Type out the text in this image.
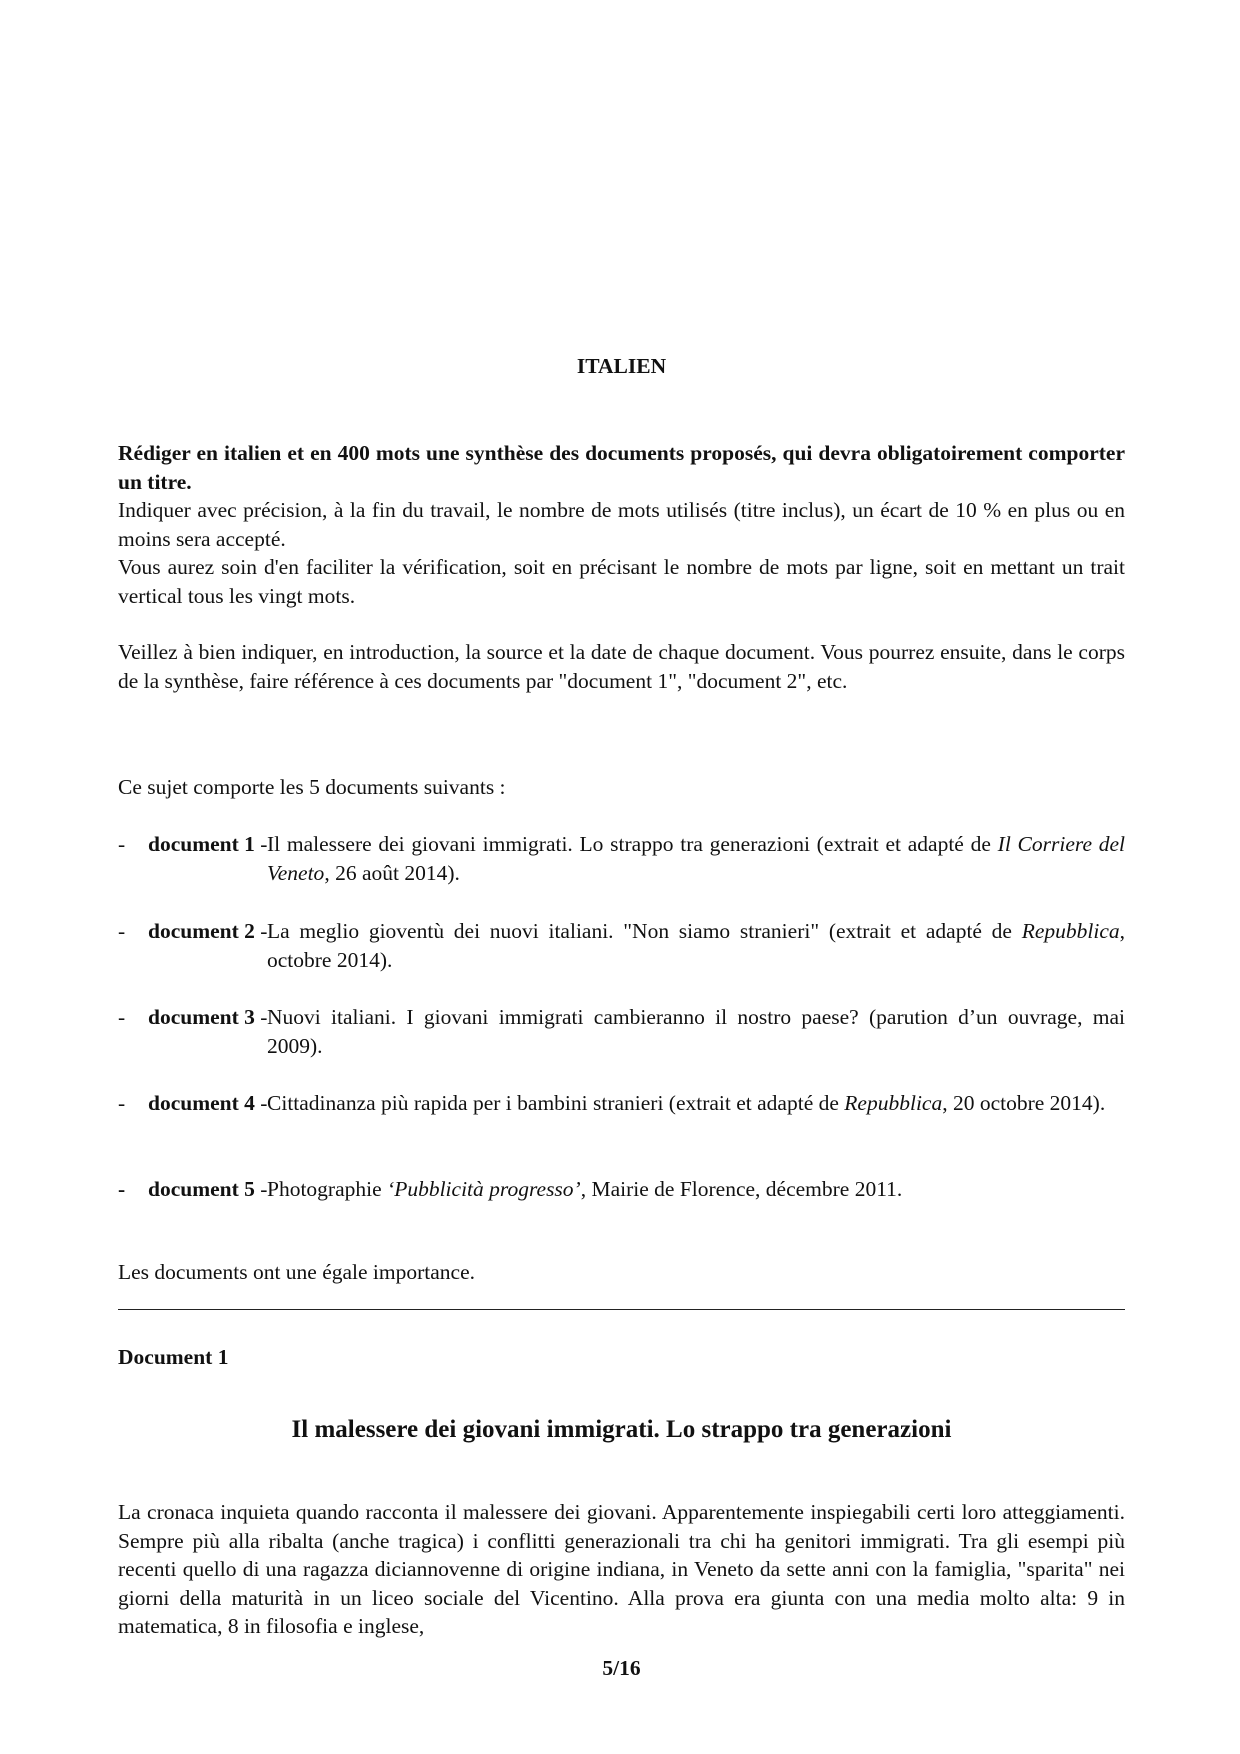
ITALIEN
Rédiger en italien et en 400 mots une synthèse des documents proposés, qui devra obligatoirement comporter un titre.
Indiquer avec précision, à la fin du travail, le nombre de mots utilisés (titre inclus), un écart de 10 % en plus ou en moins sera accepté.
Vous aurez soin d'en faciliter la vérification, soit en précisant le nombre de mots par ligne, soit en mettant un trait vertical tous les vingt mots.
Veillez à bien indiquer, en introduction, la source et la date de chaque document. Vous pourrez ensuite, dans le corps de la synthèse, faire référence à ces documents par "document 1", "document 2", etc.
Ce sujet comporte les 5 documents suivants :
- document 1 - Il malessere dei giovani immigrati. Lo strappo tra generazioni (extrait et adapté de Il Corriere del Veneto, 26 août 2014).
- document 2 - La meglio gioventù dei nuovi italiani. "Non siamo stranieri" (extrait et adapté de Repubblica, octobre 2014).
- document 3 - Nuovi italiani. I giovani immigrati cambieranno il nostro paese? (parution d’un ouvrage, mai 2009).
- document 4 - Cittadinanza più rapida per i bambini stranieri (extrait et adapté de Repubblica, 20 octobre 2014).
- document 5 - Photographie ‘Pubblicità progresso’, Mairie de Florence, décembre 2011.
Les documents ont une égale importance.
Document 1
Il malessere dei giovani immigrati. Lo strappo tra generazioni
La cronaca inquieta quando racconta il malessere dei giovani. Apparentemente inspiegabili certi loro atteggiamenti. Sempre più alla ribalta (anche tragica) i conflitti generazionali tra chi ha genitori immigrati. Tra gli esempi più recenti quello di una ragazza diciannovenne di origine indiana, in Veneto da sette anni con la famiglia, "sparita" nei giorni della maturità in un liceo sociale del Vicentino. Alla prova era giunta con una media molto alta: 9 in matematica, 8 in filosofia e inglese,
5/16
